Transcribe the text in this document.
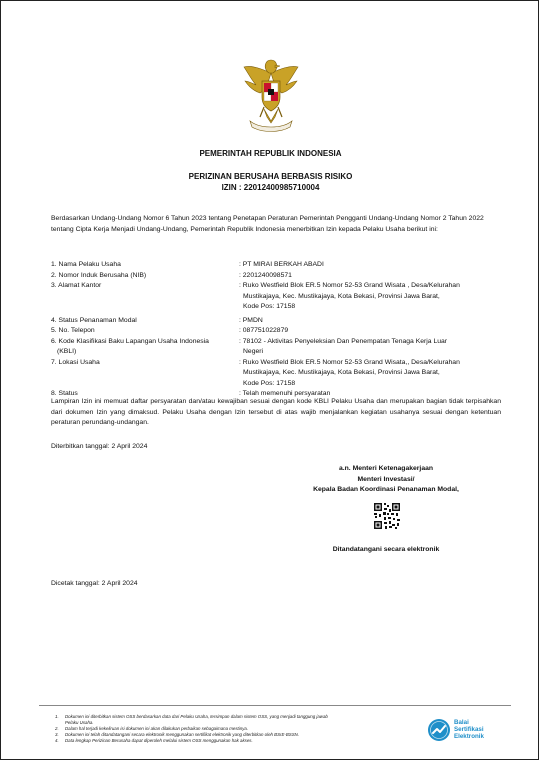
PEMERINTAH REPUBLIK INDONESIA
PERIZINAN BERUSAHA BERBASIS RISIKO
IZIN : 22012400985710004
Berdasarkan Undang-Undang Nomor 6 Tahun 2023 tentang Penetapan Peraturan Pemerintah Pengganti Undang-Undang Nomor 2 Tahun 2022 tentang Cipta Kerja Menjadi Undang-Undang, Pemerintah Republik Indonesia menerbitkan Izin kepada Pelaku Usaha berikut ini:
1. Nama Pelaku Usaha	: PT MIRAI BERKAH ABADI
2. Nomor Induk Berusaha (NIB)	: 2201240098571
3. Alamat Kantor	: Ruko Westfield Blok ER.5 Nomor 52-53 Grand Wisata , Desa/Kelurahan
Mustikajaya, Kec. Mustikajaya, Kota Bekasi, Provinsi Jawa Barat,
Kode Pos: 17158
4. Status Penanaman Modal	: PMDN
5. No. Telepon	: 087751022879
6. Kode Klasifikasi Baku Lapangan Usaha Indonesia
(KBLI)
: 78102 - Aktivitas Penyeleksian Dan Penempatan Tenaga Kerja Luar
Negeri
7. Lokasi Usaha	: Ruko Westfield Blok ER.5 Nomor 52-53 Grand Wisata,, Desa/Kelurahan
Mustikajaya, Kec. Mustikajaya, Kota Bekasi, Provinsi Jawa Barat,
Kode Pos: 17158
8. Status	: Telah memenuhi persyaratan
Lampiran Izin ini memuat daftar persyaratan dan/atau kewajiban sesuai dengan kode KBLI Pelaku Usaha dan merupakan bagian tidak terpisahkan dari dokumen Izin yang dimaksud. Pelaku Usaha dengan Izin tersebut di atas wajib menjalankan kegiatan usahanya sesuai dengan ketentuan peraturan perundang-undangan.
Diterbitkan tanggal: 2 April 2024
a.n. Menteri Ketenagakerjaan
Menteri Investasi/
Kepala Badan Koordinasi Penanaman Modal,
Ditandatangani secara elektronik
Dicetak tanggal: 2 April 2024
1.	Dokumen ini diterbitkan sistem OSS berdasarkan data dari Pelaku Usaha, tersimpan dalam sistem OSS, yang menjadi tanggung jawab
Pelaku Usaha.
2.	Dalam hal terjadi kekeliruan isi dokumen ini akan dilakukan perbaikan sebagaimana mestinya.
3.	Dokumen ini telah ditandatangani secara elektronik menggunakan sertifikat elektronik yang diterbitkan oleh BSrE-BSSN.
4.	Data lengkap Perizinan Berusaha dapat diperoleh melalui sistem OSS menggunakan hak akses.
Balai
Sertifikasi
Elektronik
